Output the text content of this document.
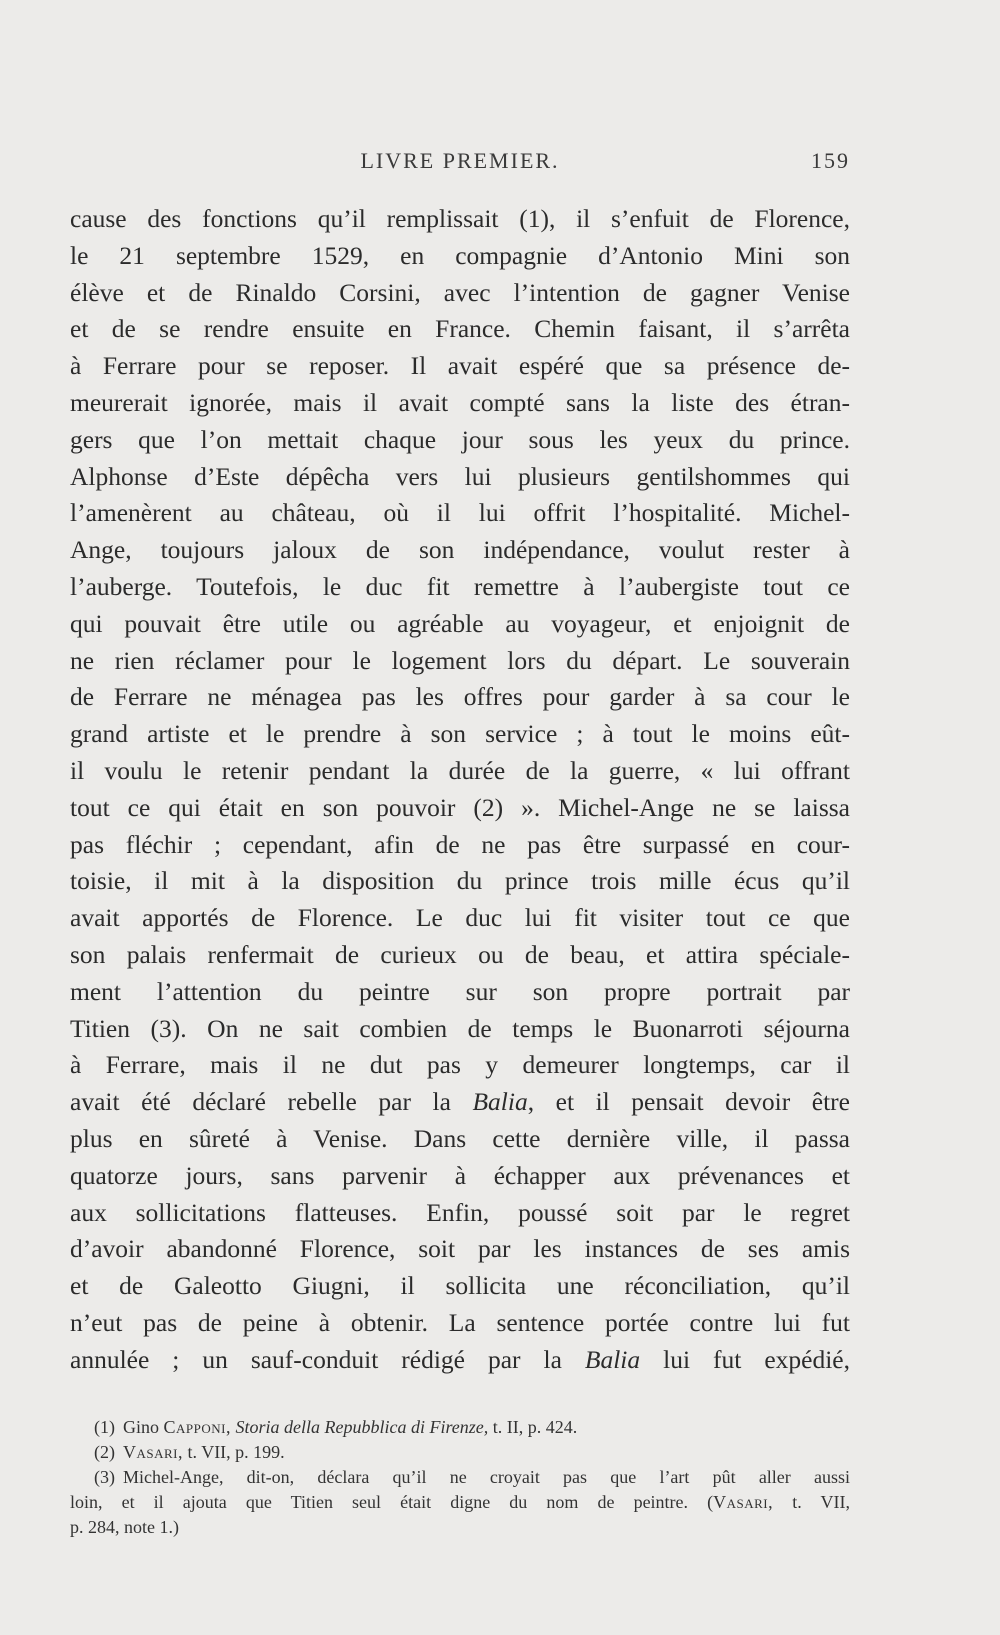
LIVRE PREMIER.	159
cause des fonctions qu’il remplissait (1), il s’enfuit de Florence,
le 21 septembre 1529, en compagnie d’Antonio Mini son
élève et de Rinaldo Corsini, avec l’intention de gagner Venise
et de se rendre ensuite en France. Chemin faisant, il s’arrêta
à Ferrare pour se reposer. Il avait espéré que sa présence de-
meurerait ignorée, mais il avait compté sans la liste des étran-
gers que l’on mettait chaque jour sous les yeux du prince.
Alphonse d’Este dépêcha vers lui plusieurs gentilshommes qui
l’amenèrent au château, où il lui offrit l’hospitalité. Michel-
Ange, toujours jaloux de son indépendance, voulut rester à
l’auberge. Toutefois, le duc fit remettre à l’aubergiste tout ce
qui pouvait être utile ou agréable au voyageur, et enjoignit de
ne rien réclamer pour le logement lors du départ. Le souverain
de Ferrare ne ménagea pas les offres pour garder à sa cour le
grand artiste et le prendre à son service ; à tout le moins eût-
il voulu le retenir pendant la durée de la guerre, « lui offrant
tout ce qui était en son pouvoir (2) ». Michel-Ange ne se laissa
pas fléchir ; cependant, afin de ne pas être surpassé en cour-
toisie, il mit à la disposition du prince trois mille écus qu’il
avait apportés de Florence. Le duc lui fit visiter tout ce que
son palais renfermait de curieux ou de beau, et attira spéciale-
ment l’attention du peintre sur son propre portrait par
Titien (3). On ne sait combien de temps le Buonarroti séjourna
à Ferrare, mais il ne dut pas y demeurer longtemps, car il
avait été déclaré rebelle par la Balia, et il pensait devoir être
plus en sûreté à Venise. Dans cette dernière ville, il passa
quatorze jours, sans parvenir à échapper aux prévenances et
aux sollicitations flatteuses. Enfin, poussé soit par le regret
d’avoir abandonné Florence, soit par les instances de ses amis
et de Galeotto Giugni, il sollicita une réconciliation, qu’il
n’eut pas de peine à obtenir. La sentence portée contre lui fut
annulée ; un sauf-conduit rédigé par la Balia lui fut expédié,
(1) Gino Capponi, Storia della Repubblica di Firenze, t. II, p. 424.
(2) Vasari, t. VII, p. 199.
(3) Michel-Ange, dit-on, déclara qu’il ne croyait pas que l’art pût aller aussi
loin, et il ajouta que Titien seul était digne du nom de peintre. (Vasari, t. VII,
p. 284, note 1.)
